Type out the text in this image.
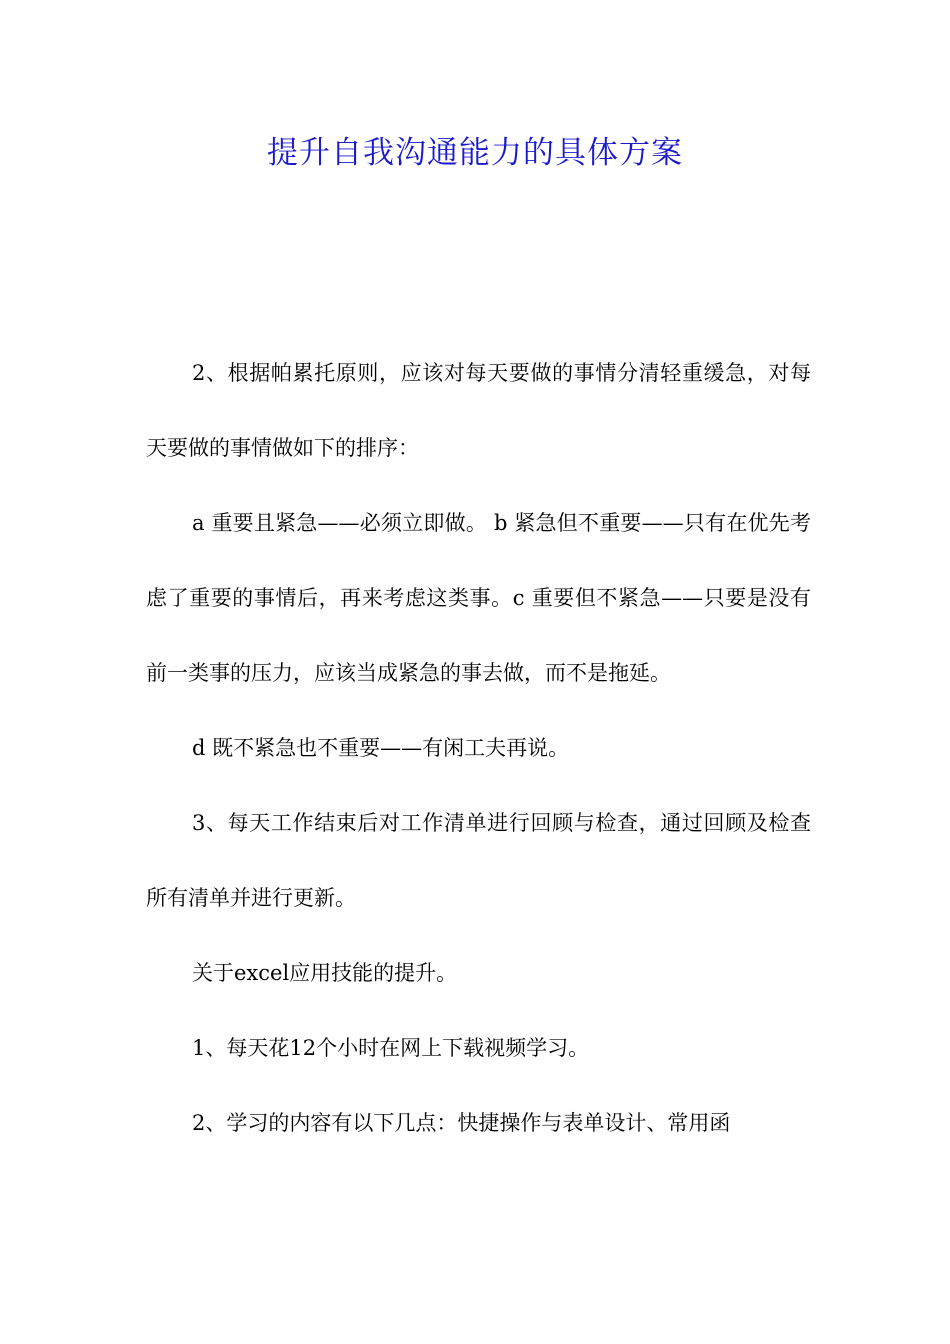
提升自我沟通能力的具体方案

2、根据帕累托原则，应该对每天要做的事情分清轻重缓急，对每天要做的事情做如下的排序：

a 重要且紧急——必须立即做。 b 紧急但不重要——只有在优先考虑了重要的事情后，再来考虑这类事。c 重要但不紧急——只要是没有前一类事的压力，应该当成紧急的事去做，而不是拖延。

d 既不紧急也不重要——有闲工夫再说。

3、每天工作结束后对工作清单进行回顾与检查，通过回顾及检查所有清单并进行更新。

关于excel应用技能的提升。

1、每天花12个小时在网上下载视频学习。

2、学习的内容有以下几点：快捷操作与表单设计、常用函
